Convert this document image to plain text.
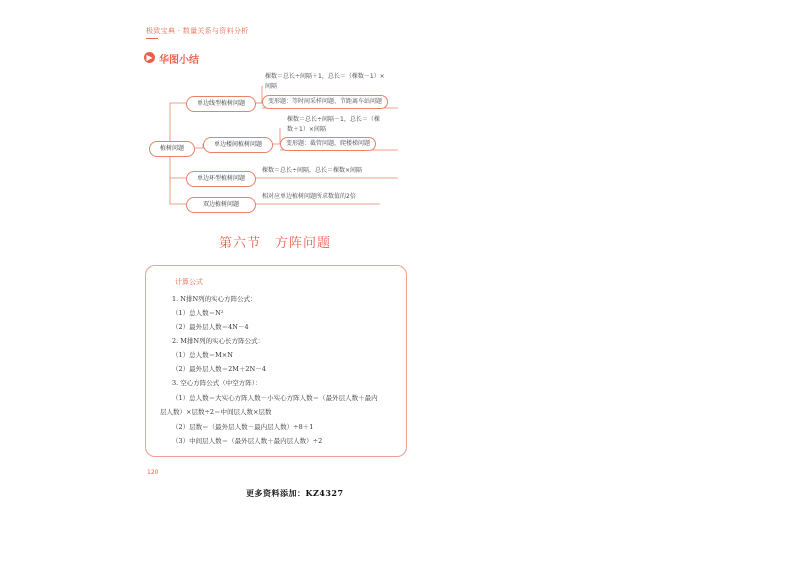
极致宝典 · 数量关系与资料分析
▶ 华图小结
植树问题
单边线型植树问题
单边楼间植树问题
单边环型植树问题
双边植树问题
棵数＝总长÷间隔＋1，总长＝（棵数－1）×
间隔
变形题：等时间采样问题、节距离车站问题
棵数＝总长÷间隔－1，总长＝（棵
数＋1）×间隔
变形题：截管问题，爬楼梯问题
棵数＝总长÷间隔，总长＝棵数×间隔
相对应单边植树问题所求数值的2倍
第六节　方阵问题
计算公式
1. N排N列的实心方阵公式：
（1）总人数＝N²
（2）最外层人数＝4N－4
2. M排N列的实心长方阵公式：
（1）总人数＝M×N
（2）最外层人数＝2M＋2N－4
3. 空心方阵公式（中空方阵）：
（1）总人数＝大实心方阵人数－小实心方阵人数＝（最外层人数＋最内
层人数）×层数÷2＝中间层人数×层数
（2）层数＝（最外层人数－最内层人数）÷8＋1
（3）中间层人数＝（最外层人数＋最内层人数）÷2
120
更多资料添加：KZ4327
